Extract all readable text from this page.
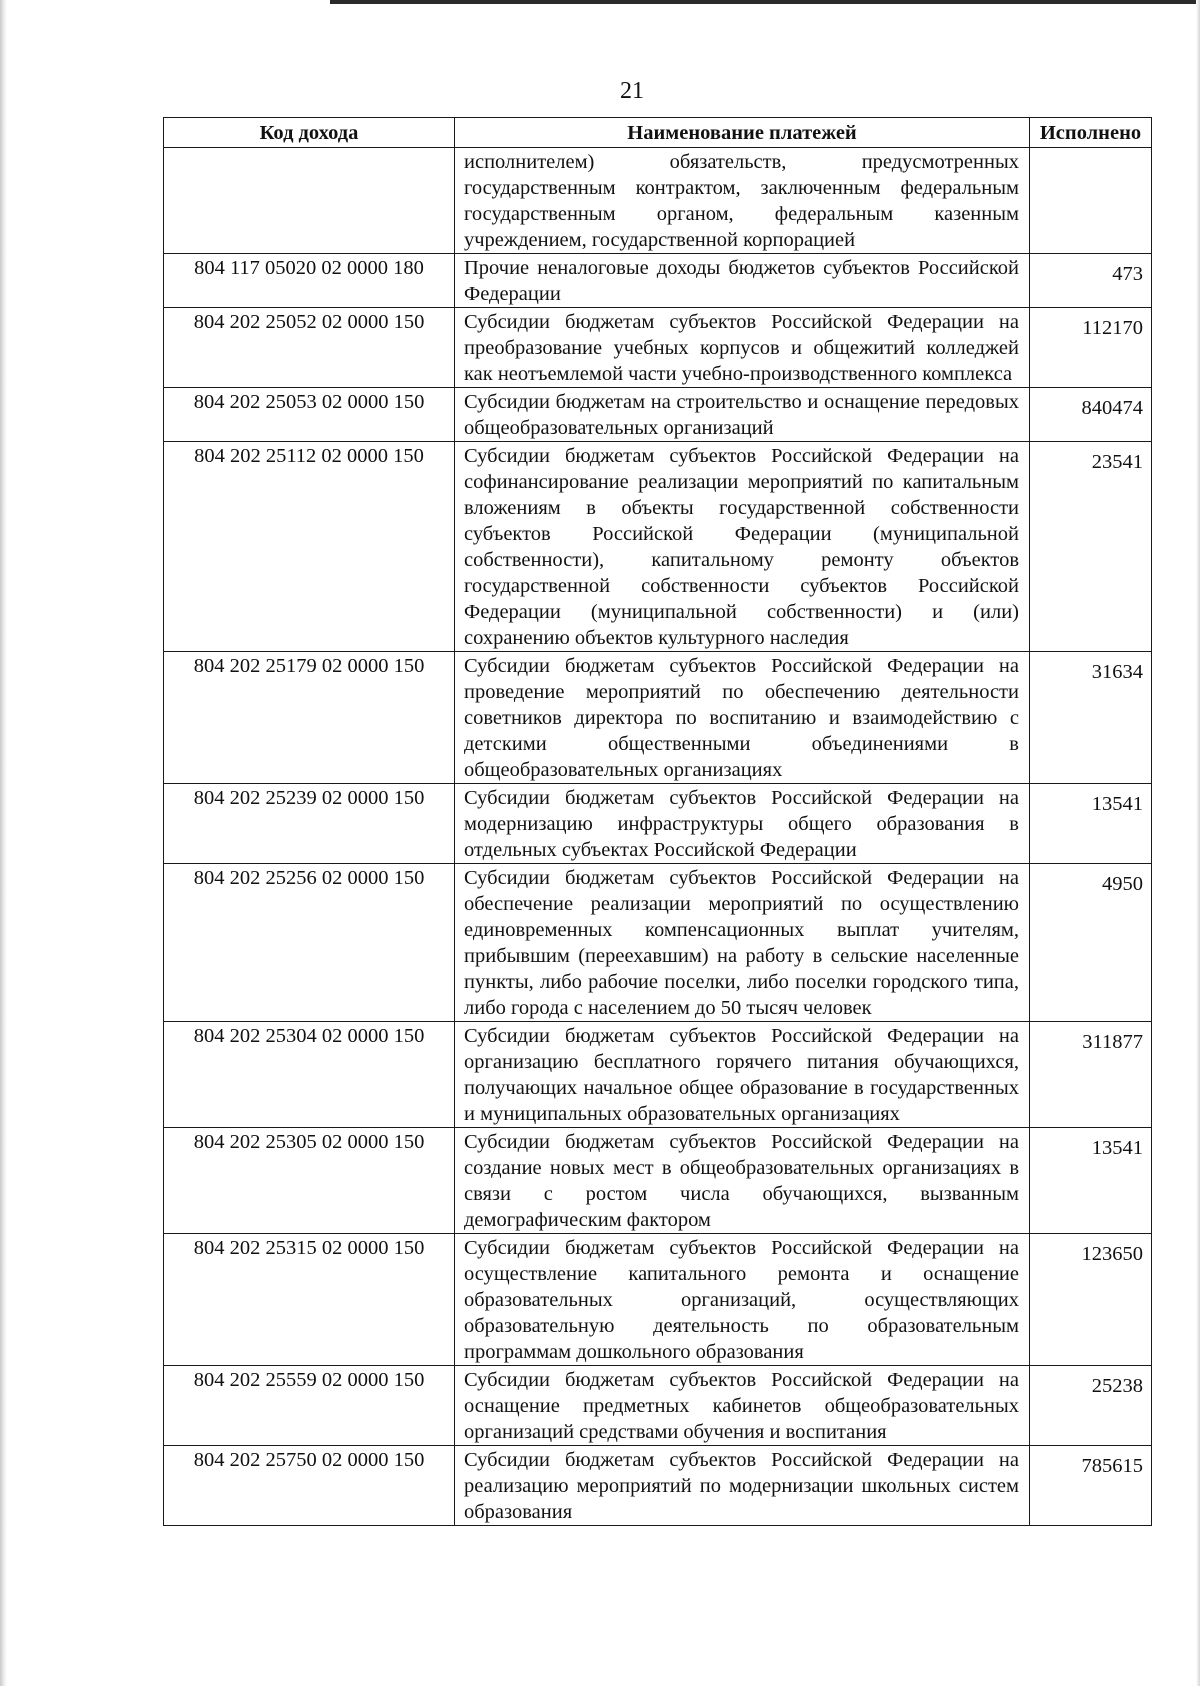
21
Код дохода	Наименование платежей	Исполнено
	исполнителем) обязательств, предусмотренных государственным контрактом, заключенным федеральным государственным органом, федеральным казенным учреждением, государственной корпорацией	
804 117 05020 02 0000 180	Прочие неналоговые доходы бюджетов субъектов Российской Федерации	473
804 202 25052 02 0000 150	Субсидии бюджетам субъектов Российской Федерации на преобразование учебных корпусов и общежитий колледжей как неотъемлемой части учебно-производственного комплекса	112170
804 202 25053 02 0000 150	Субсидии бюджетам на строительство и оснащение передовых общеобразовательных организаций	840474
804 202 25112 02 0000 150	Субсидии бюджетам субъектов Российской Федерации на софинансирование реализации мероприятий по капитальным вложениям в объекты государственной собственности субъектов Российской Федерации (муниципальной собственности), капитальному ремонту объектов государственной собственности субъектов Российской Федерации (муниципальной собственности) и (или) сохранению объектов культурного наследия	23541
804 202 25179 02 0000 150	Субсидии бюджетам субъектов Российской Федерации на проведение мероприятий по обеспечению деятельности советников директора по воспитанию и взаимодействию с детскими общественными объединениями в общеобразовательных организациях	31634
804 202 25239 02 0000 150	Субсидии бюджетам субъектов Российской Федерации на модернизацию инфраструктуры общего образования в отдельных субъектах Российской Федерации	13541
804 202 25256 02 0000 150	Субсидии бюджетам субъектов Российской Федерации на обеспечение реализации мероприятий по осуществлению единовременных компенсационных выплат учителям, прибывшим (переехавшим) на работу в сельские населенные пункты, либо рабочие поселки, либо поселки городского типа, либо города с населением до 50 тысяч человек	4950
804 202 25304 02 0000 150	Субсидии бюджетам субъектов Российской Федерации на организацию бесплатного горячего питания обучающихся, получающих начальное общее образование в государственных и муниципальных образовательных организациях	311877
804 202 25305 02 0000 150	Субсидии бюджетам субъектов Российской Федерации на создание новых мест в общеобразовательных организациях в связи с ростом числа обучающихся, вызванным демографическим фактором	13541
804 202 25315 02 0000 150	Субсидии бюджетам субъектов Российской Федерации на осуществление капитального ремонта и оснащение образовательных организаций, осуществляющих образовательную деятельность по образовательным программам дошкольного образования	123650
804 202 25559 02 0000 150	Субсидии бюджетам субъектов Российской Федерации на оснащение предметных кабинетов общеобразовательных организаций средствами обучения и воспитания	25238
804 202 25750 02 0000 150	Субсидии бюджетам субъектов Российской Федерации на реализацию мероприятий по модернизации школьных систем образования	785615
